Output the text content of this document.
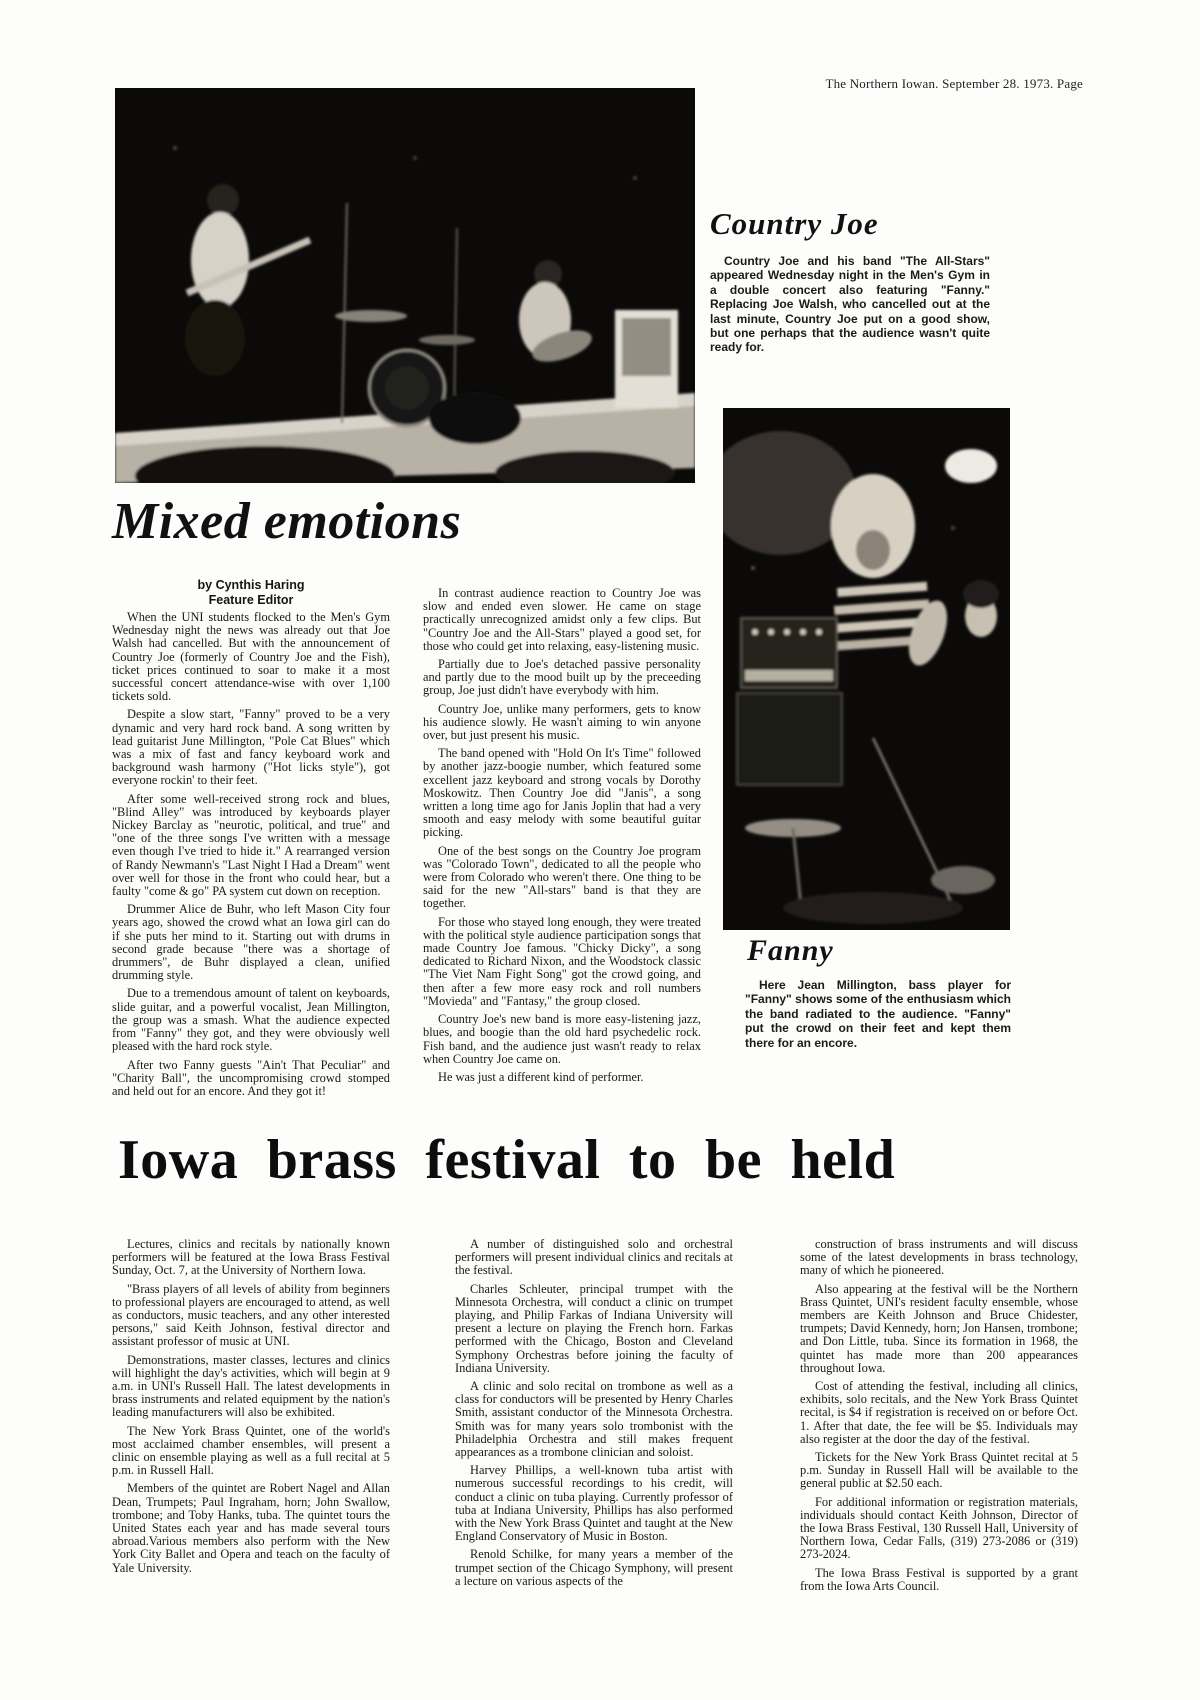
The Northern Iowan. September 28. 1973. Page
Country Joe

Country Joe and his band "The All-Stars" appeared Wednesday night in the Men's Gym in a double concert also featuring "Fanny." Replacing Joe Walsh, who cancelled out at the last minute, Country Joe put on a good show, but one perhaps that the audience wasn't quite ready for.

Mixed emotions
by Cynthis Haring
Feature Editor

When the UNI students flocked to the Men's Gym Wednesday night the news was already out that Joe Walsh had cancelled. But with the announcement of Country Joe (formerly of Country Joe and the Fish), ticket prices continued to soar to make it a most successful concert attendance-wise with over 1,100 tickets sold.

Despite a slow start, "Fanny" proved to be a very dynamic and very hard rock band. A song written by lead guitarist June Millington, "Pole Cat Blues" which was a mix of fast and fancy keyboard work and background wash harmony ("Hot licks style"), got everyone rockin' to their feet.

After some well-received strong rock and blues, "Blind Alley" was introduced by keyboards player Nickey Barclay as "neurotic, political, and true" and "one of the three songs I've written with a message even though I've tried to hide it." A rearranged version of Randy Newmann's "Last Night I Had a Dream" went over well for those in the front who could hear, but a faulty "come & go" PA system cut down on reception.

Drummer Alice de Buhr, who left Mason City four years ago, showed the crowd what an Iowa girl can do if she puts her mind to it. Starting out with drums in second grade because "there was a shortage of drummers", de Buhr displayed a clean, unified drumming style.

Due to a tremendous amount of talent on keyboards, slide guitar, and a powerful vocalist, Jean Millington, the group was a smash. What the audience expected from "Fanny" they got, and they were obviously well pleased with the hard rock style.

After two Fanny guests "Ain't That Peculiar" and "Charity Ball", the uncompromising crowd stomped and held out for an encore. And they got it!

In contrast audience reaction to Country Joe was slow and ended even slower. He came on stage practically unrecognized amidst only a few clips. But "Country Joe and the All-Stars" played a good set, for those who could get into relaxing, easy-listening music.

Partially due to Joe's detached passive personality and partly due to the mood built up by the preceeding group, Joe just didn't have everybody with him.

Country Joe, unlike many performers, gets to know his audience slowly. He wasn't aiming to win anyone over, but just present his music.

The band opened with "Hold On It's Time" followed by another jazz-boogie number, which featured some excellent jazz keyboard and strong vocals by Dorothy Moskowitz. Then Country Joe did "Janis", a song written a long time ago for Janis Joplin that had a very smooth and easy melody with some beautiful guitar picking.

One of the best songs on the Country Joe program was "Colorado Town", dedicated to all the people who were from Colorado who weren't there. One thing to be said for the new "All-stars" band is that they are together.

For those who stayed long enough, they were treated with the political style audience participation songs that made Country Joe famous. "Chicky Dicky", a song dedicated to Richard Nixon, and the Woodstock classic "The Viet Nam Fight Song" got the crowd going, and then after a few more easy rock and roll numbers "Movieda" and "Fantasy," the group closed.

Country Joe's new band is more easy-listening jazz, blues, and boogie than the old hard psychedelic rock. Fish band, and the audience just wasn't ready to relax when Country Joe came on.

He was just a different kind of performer.

Fanny

Here Jean Millington, bass player for "Fanny" shows some of the enthusiasm which the band radiated to the audience. "Fanny" put the crowd on their feet and kept them there for an encore.

Iowa brass festival to be held

Lectures, clinics and recitals by nationally known performers will be featured at the Iowa Brass Festival Sunday, Oct. 7, at the University of Northern Iowa.

"Brass players of all levels of ability from beginners to professional players are encouraged to attend, as well as conductors, music teachers, and any other interested persons," said Keith Johnson, festival director and assistant professor of music at UNI.

Demonstrations, master classes, lectures and clinics will highlight the day's activities, which will begin at 9 a.m. in UNI's Russell Hall. The latest developments in brass instruments and related equipment by the nation's leading manufacturers will also be exhibited.

The New York Brass Quintet, one of the world's most acclaimed chamber ensembles, will present a clinic on ensemble playing as well as a full recital at 5 p.m. in Russell Hall.

Members of the quintet are Robert Nagel and Allan Dean, Trumpets; Paul Ingraham, horn; John Swallow, trombone; and Toby Hanks, tuba. The quintet tours the United States each year and has made several tours abroad.Various members also perform with the New York City Ballet and Opera and teach on the faculty of Yale University.

A number of distinguished solo and orchestral performers will present individual clinics and recitals at the festival.

Charles Schleuter, principal trumpet with the Minnesota Orchestra, will conduct a clinic on trumpet playing, and Philip Farkas of Indiana University will present a lecture on playing the French horn. Farkas performed with the Chicago, Boston and Cleveland Symphony Orchestras before joining the faculty of Indiana University.

A clinic and solo recital on trombone as well as a class for conductors will be presented by Henry Charles Smith, assistant conductor of the Minnesota Orchestra. Smith was for many years solo trombonist with the Philadelphia Orchestra and still makes frequent appearances as a trombone clinician and soloist.

Harvey Phillips, a well-known tuba artist with numerous successful recordings to his credit, will conduct a clinic on tuba playing. Currently professor of tuba at Indiana University, Phillips has also performed with the New York Brass Quintet and taught at the New England Conservatory of Music in Boston.

Renold Schilke, for many years a member of the trumpet section of the Chicago Symphony, will present a lecture on various aspects of the

construction of brass instruments and will discuss some of the latest developments in brass technology, many of which he pioneered.

Also appearing at the festival will be the Northern Brass Quintet, UNI's resident faculty ensemble, whose members are Keith Johnson and Bruce Chidester, trumpets; David Kennedy, horn; Jon Hansen, trombone; and Don Little, tuba. Since its formation in 1968, the quintet has made more than 200 appearances throughout Iowa.

Cost of attending the festival, including all clinics, exhibits, solo recitals, and the New York Brass Quintet recital, is $4 if registration is received on or before Oct. 1. After that date, the fee will be $5. Individuals may also register at the door the day of the festival.

Tickets for the New York Brass Quintet recital at 5 p.m. Sunday in Russell Hall will be available to the general public at $2.50 each.

For additional information or registration materials, individuals should contact Keith Johnson, Director of the Iowa Brass Festival, 130 Russell Hall, University of Northern Iowa, Cedar Falls, (319) 273-2086 or (319) 273-2024.

The Iowa Brass Festival is supported by a grant from the Iowa Arts Council.
